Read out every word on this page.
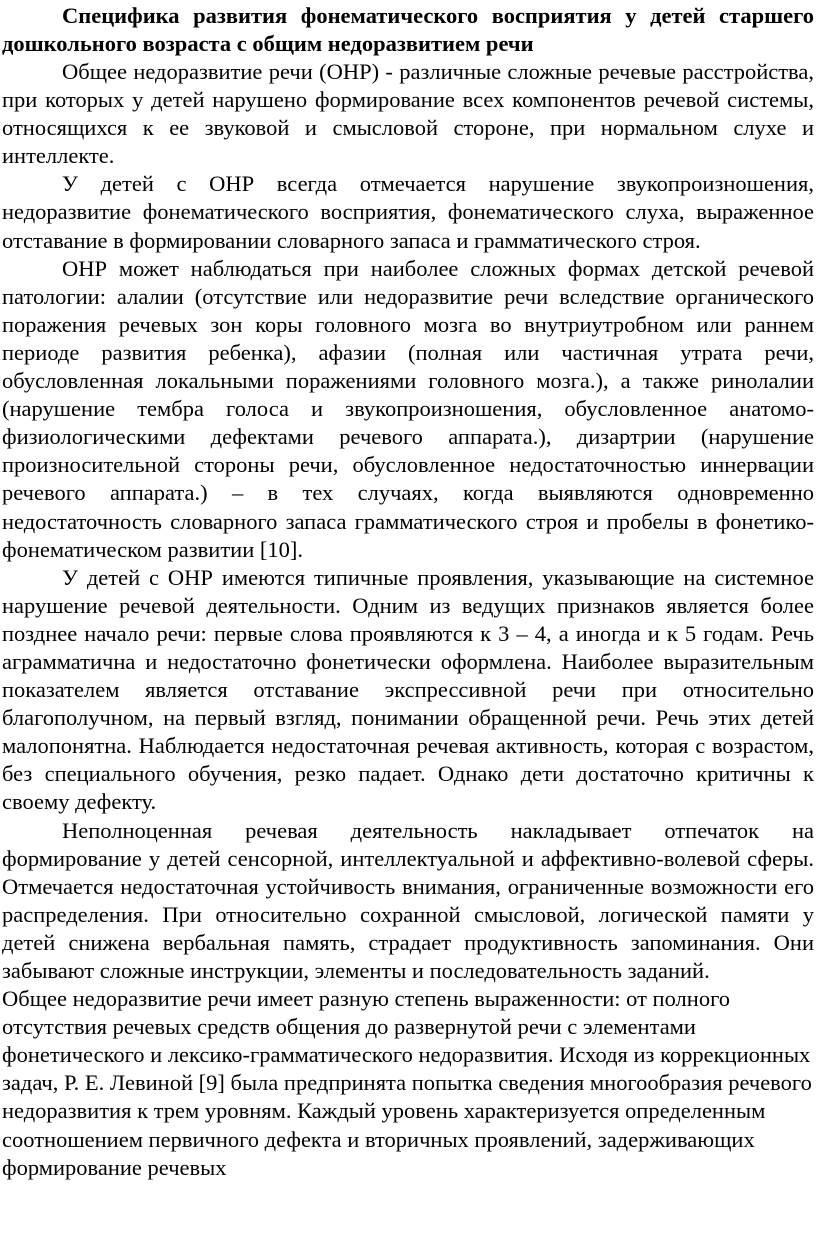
Специфика развития фонематического восприятия у детей старшего дошкольного возраста с общим недоразвитием речи

Общее недоразвитие речи (ОНР) - различные сложные речевые расстройства, при которых у детей нарушено формирование всех компонентов речевой системы, относящихся к ее звуковой и смысловой стороне, при нормальном слухе и интеллекте.

У детей с ОНР всегда отмечается нарушение звукопроизношения, недоразвитие фонематического восприятия, фонематического слуха, выраженное отставание в формировании словарного запаса и грамматического строя.

ОНР может наблюдаться при наиболее сложных формах детской речевой патологии: алалии (отсутствие или недоразвитие речи вследствие органического поражения речевых зон коры головного мозга во внутриутробном или раннем периоде развития ребенка), афазии (полная или частичная утрата речи, обусловленная локальными поражениями головного мозга.), а также ринолалии (нарушение тембра голоса и звукопроизношения, обусловленное анатомо-физиологическими дефектами речевого аппарата.), дизартрии (нарушение произносительной стороны речи, обусловленное недостаточностью иннервации речевого аппарата.) – в тех случаях, когда выявляются одновременно недостаточность словарного запаса грамматического строя и пробелы в фонетико-фонематическом развитии [10].

У детей с ОНР имеются типичные проявления, указывающие на системное нарушение речевой деятельности. Одним из ведущих признаков является более позднее начало речи: первые слова проявляются к 3 – 4, а иногда и к 5 годам. Речь аграмматична и недостаточно фонетически оформлена. Наиболее выразительным показателем является отставание экспрессивной речи при относительно благополучном, на первый взгляд, понимании обращенной речи. Речь этих детей малопонятна. Наблюдается недостаточная речевая активность, которая с возрастом, без специального обучения, резко падает. Однако дети достаточно критичны к своему дефекту.

Неполноценная речевая деятельность накладывает отпечаток на формирование у детей сенсорной, интеллектуальной и аффективно-волевой сферы. Отмечается недостаточная устойчивость внимания, ограниченные возможности его распределения. При относительно сохранной смысловой, логической памяти у детей снижена вербальная память, страдает продуктивность запоминания. Они забывают сложные инструкции, элементы и последовательность заданий.

Общее недоразвитие речи имеет разную степень выраженности: от полного отсутствия речевых средств общения до развернутой речи с элементами фонетического и лексико-грамматического недоразвития. Исходя из коррекционных задач, Р. Е. Левиной [9] была предпринята попытка сведения многообразия речевого недоразвития к трем уровням. Каждый уровень характеризуется определенным соотношением первичного дефекта и вторичных проявлений, задерживающих формирование речевых
